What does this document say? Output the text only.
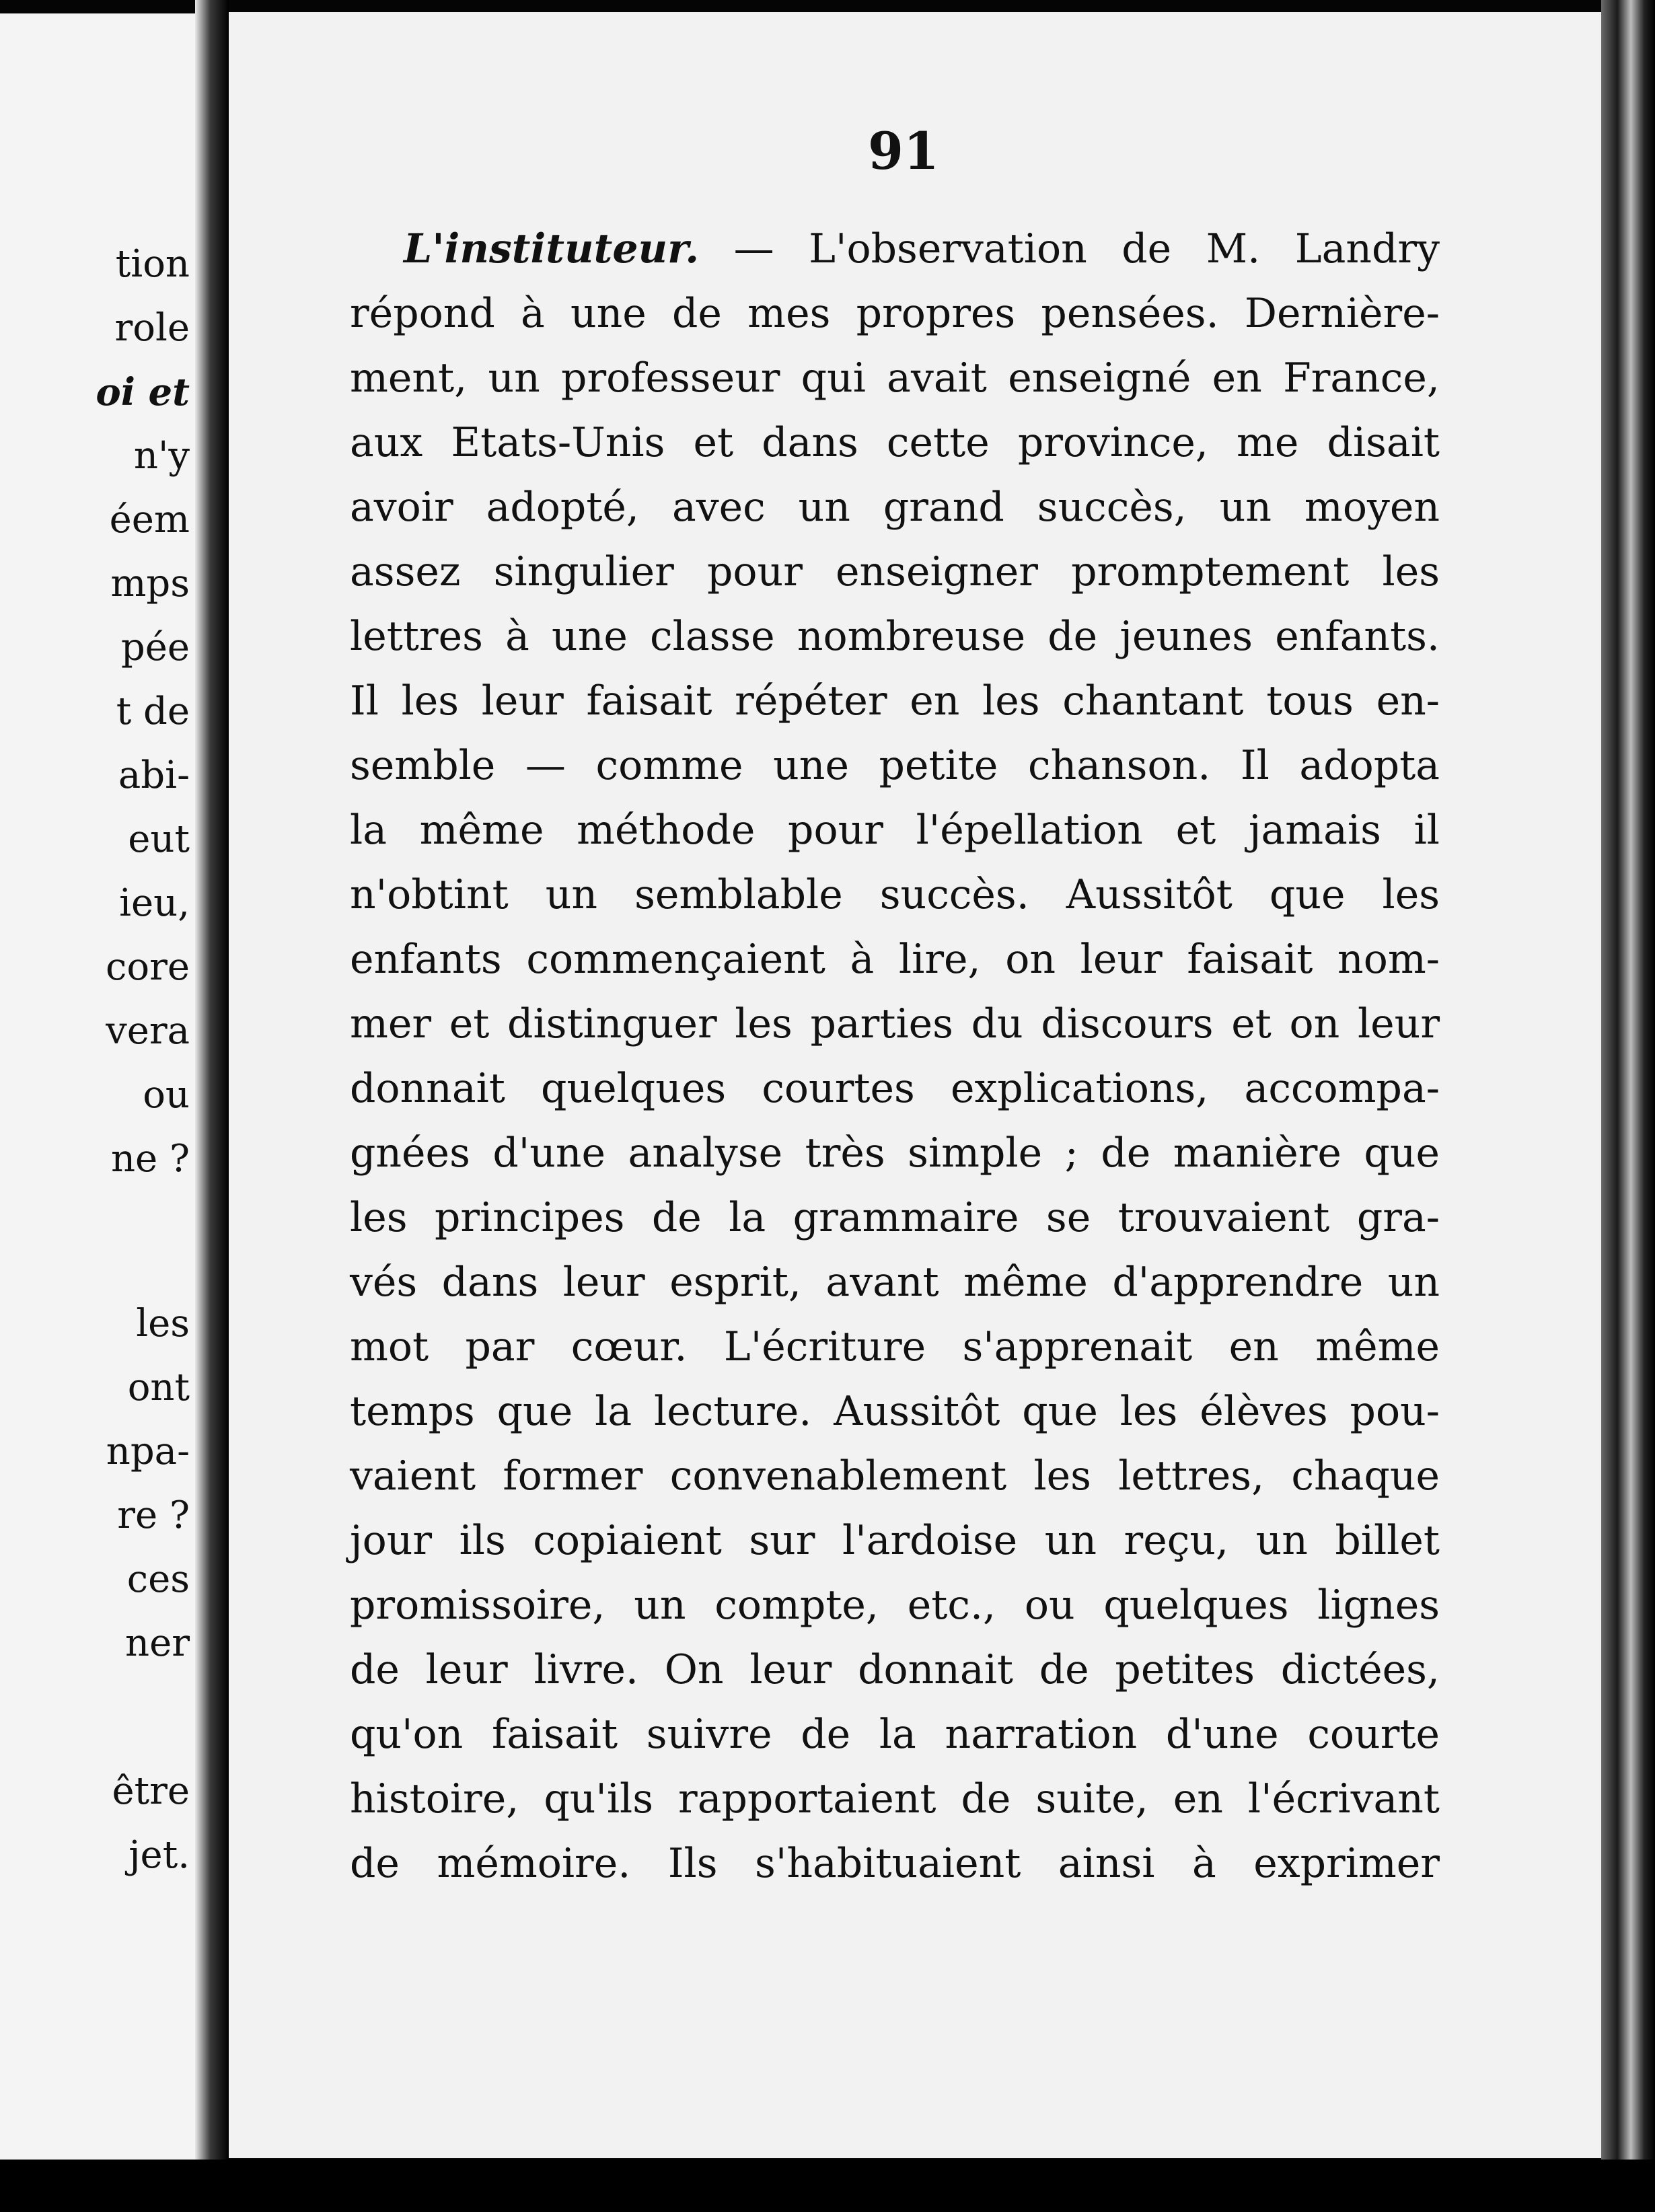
tion
role
oi et
n'y
éem
mps
pée
t de
abi-
eut
ieu,
core
vera
ou
ne ?
les
ont
npa-
re ?
ces
ner
être
jet.
91
L'instituteur. — L'observation de M. Landry
répond à une de mes propres pensées. Dernière-
ment, un professeur qui avait enseigné en France,
aux Etats-Unis et dans cette province, me disait
avoir adopté, avec un grand succès, un moyen
assez singulier pour enseigner promptement les
lettres à une classe nombreuse de jeunes enfants.
Il les leur faisait répéter en les chantant tous en-
semble — comme une petite chanson. Il adopta
la même méthode pour l'épellation et jamais il
n'obtint un semblable succès. Aussitôt que les
enfants commençaient à lire, on leur faisait nom-
mer et distinguer les parties du discours et on leur
donnait quelques courtes explications, accompa-
gnées d'une analyse très simple ; de manière que
les principes de la grammaire se trouvaient gra-
vés dans leur esprit, avant même d'apprendre un
mot par cœur. L'écriture s'apprenait en même
temps que la lecture. Aussitôt que les élèves pou-
vaient former convenablement les lettres, chaque
jour ils copiaient sur l'ardoise un reçu, un billet
promissoire, un compte, etc., ou quelques lignes
de leur livre. On leur donnait de petites dictées,
qu'on faisait suivre de la narration d'une courte
histoire, qu'ils rapportaient de suite, en l'écrivant
de mémoire. Ils s'habituaient ainsi à exprimer
